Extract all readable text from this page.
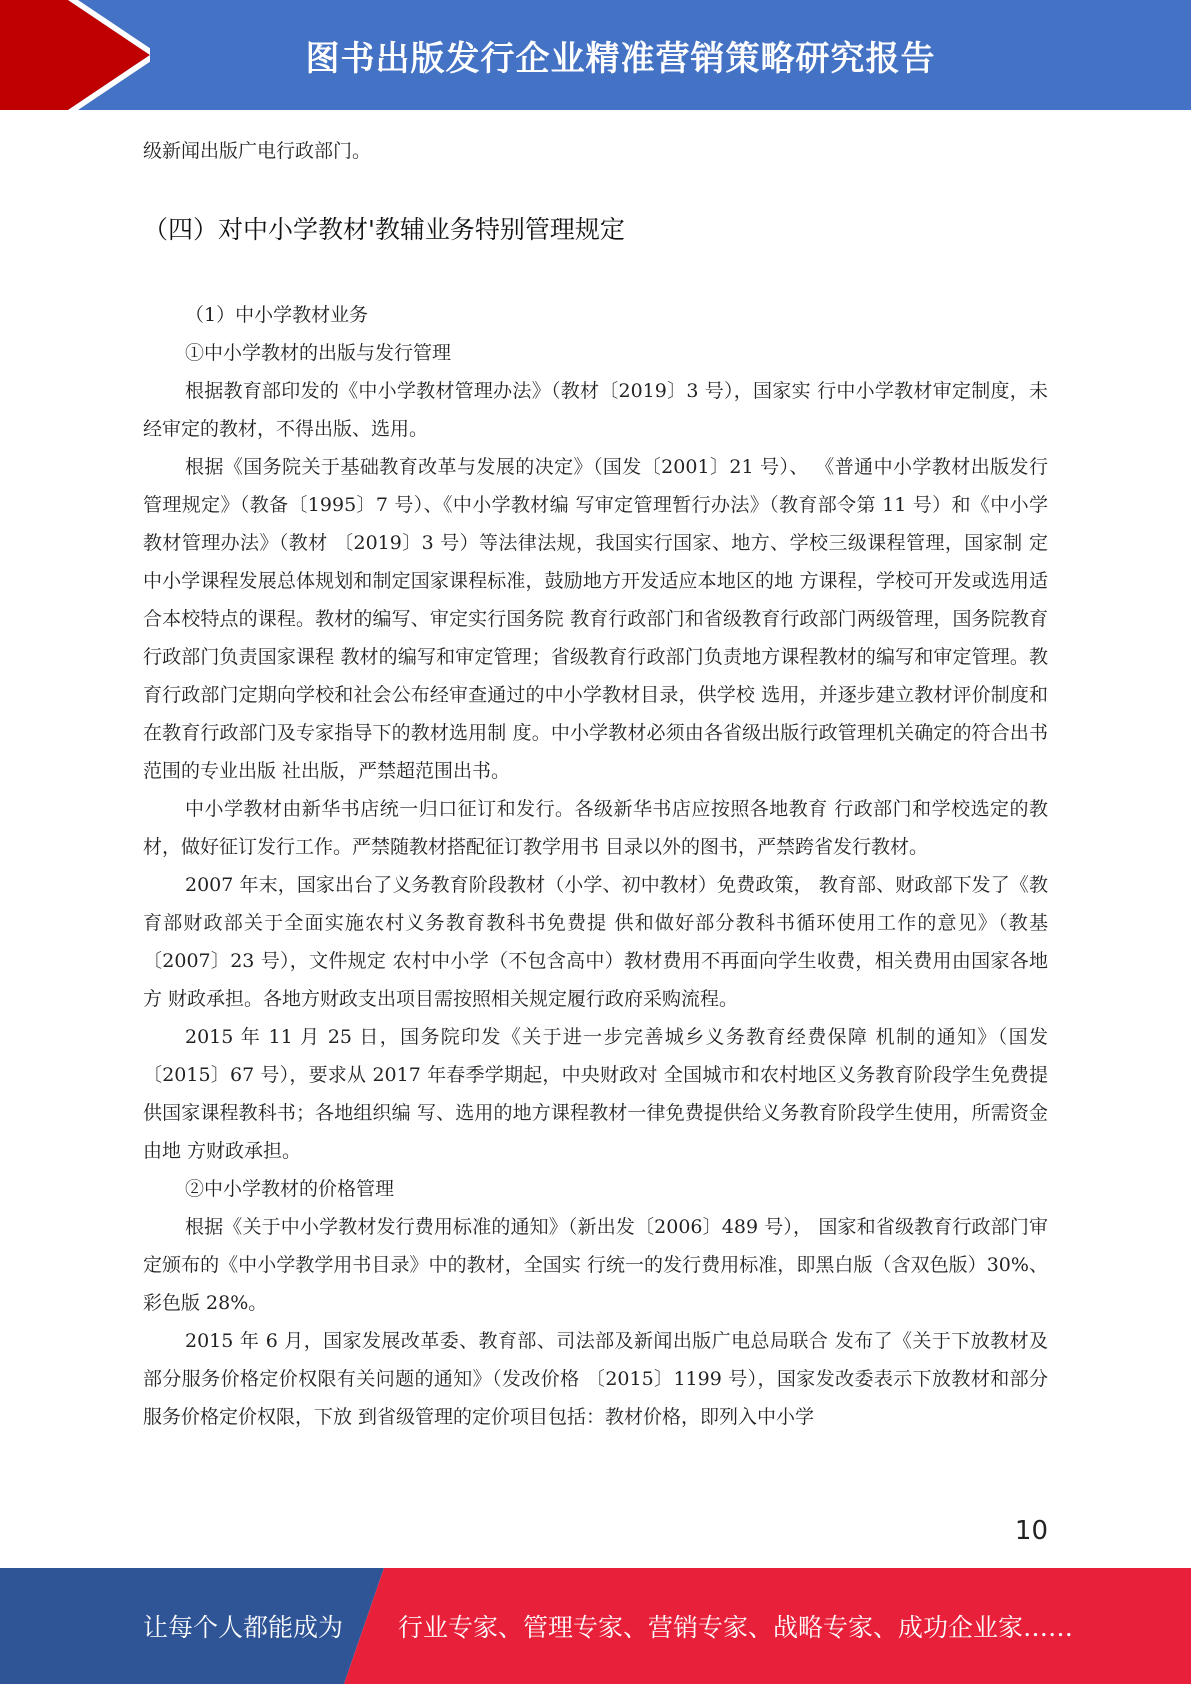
图书出版发行企业精准营销策略研究报告

级新闻出版广电行政部门。

（四）对中小学教材'教辅业务特别管理规定

（1）中小学教材业务

①中小学教材的出版与发行管理

根据教育部印发的《中小学教材管理办法》（教材〔2019〕3 号），国家实 行中小学教材审定制度，未经审定的教材，不得出版、选用。

根据《国务院关于基础教育改革与发展的决定》（国发〔2001〕21 号）、 《普通中小学教材出版发行管理规定》（教备〔1995〕7 号）、《中小学教材编 写审定管理暂行办法》（教育部令第 11 号）和《中小学教材管理办法》（教材 〔2019〕3 号）等法律法规，我国实行国家、地方、学校三级课程管理，国家制 定中小学课程发展总体规划和制定国家课程标准，鼓励地方开发适应本地区的地 方课程，学校可开发或选用适合本校特点的课程。教材的编写、审定实行国务院 教育行政部门和省级教育行政部门两级管理，国务院教育行政部门负责国家课程 教材的编写和审定管理；省级教育行政部门负责地方课程教材的编写和审定管理。教育行政部门定期向学校和社会公布经审查通过的中小学教材目录，供学校 选用，并逐步建立教材评价制度和在教育行政部门及专家指导下的教材选用制 度。中小学教材必须由各省级出版行政管理机关确定的符合出书范围的专业出版 社出版，严禁超范围出书。

中小学教材由新华书店统一归口征订和发行。各级新华书店应按照各地教育 行政部门和学校选定的教材，做好征订发行工作。严禁随教材搭配征订教学用书 目录以外的图书，严禁跨省发行教材。

2007 年末，国家出台了义务教育阶段教材（小学、初中教材）免费政策， 教育部、财政部下发了《教育部财政部关于全面实施农村义务教育教科书免费提 供和做好部分教科书循环使用工作的意见》（教基〔2007〕23 号），文件规定 农村中小学（不包含高中）教材费用不再面向学生收费，相关费用由国家各地方 财政承担。各地方财政支出项目需按照相关规定履行政府采购流程。

2015 年 11 月 25 日，国务院印发《关于进一步完善城乡义务教育经费保障 机制的通知》（国发〔2015〕67 号），要求从 2017 年春季学期起，中央财政对 全国城市和农村地区义务教育阶段学生免费提供国家课程教科书；各地组织编 写、选用的地方课程教材一律免费提供给义务教育阶段学生使用，所需资金由地 方财政承担。

②中小学教材的价格管理

根据《关于中小学教材发行费用标准的通知》（新出发〔2006〕489 号）， 国家和省级教育行政部门审定颁布的《中小学教学用书目录》中的教材，全国实 行统一的发行费用标准，即黑白版（含双色版）30%、彩色版 28%。

2015 年 6 月，国家发展改革委、教育部、司法部及新闻出版广电总局联合 发布了《关于下放教材及部分服务价格定价权限有关问题的通知》（发改价格 〔2015〕1199 号），国家发改委表示下放教材和部分服务价格定价权限，下放 到省级管理的定价项目包括：教材价格，即列入中小学

10
让每个人都能成为 行业专家、管理专家、营销专家、战略专家、成功企业家……
